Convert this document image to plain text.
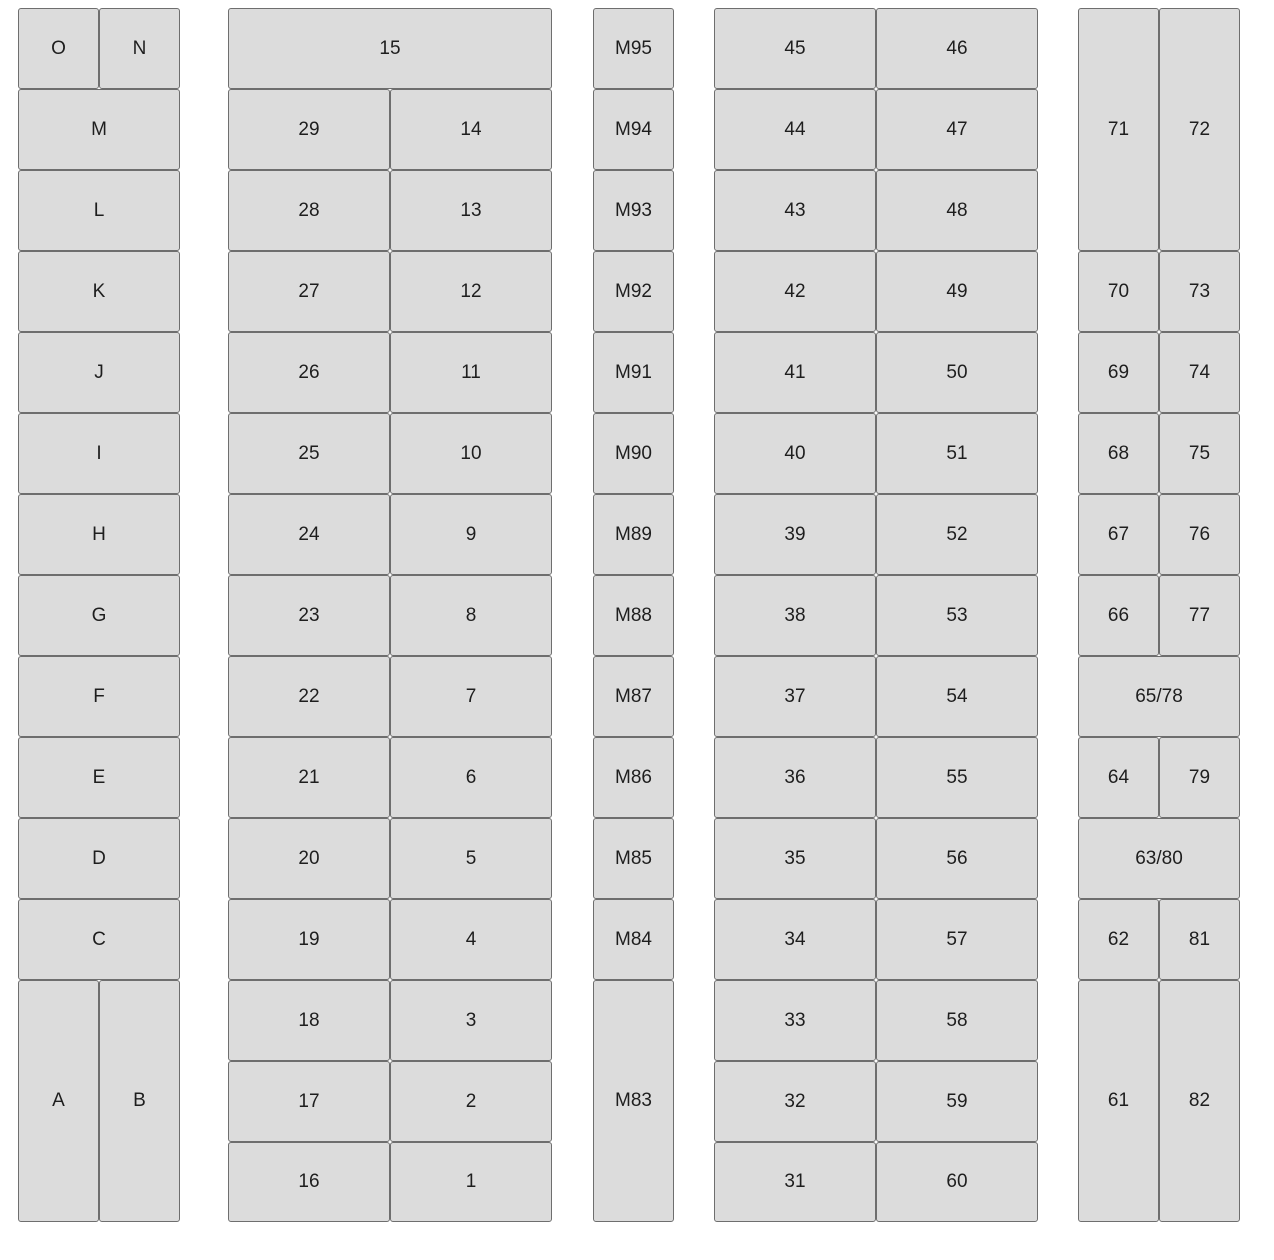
O	N
M
L
K
J
I
H
G
F
E
D
C
A	B
15
29	14
28	13
27	12
26	11
25	10
24	9
23	8
22	7
21	6
20	5
19	4
18	3
17	2
16	1
M95
M94
M93
M92
M91
M90
M89
M88
M87
M86
M85
M84
M83
45	46
44	47
43	48
42	49
41	50
40	51
39	52
38	53
37	54
36	55
35	56
34	57
33	58
32	59
31	60
71	72
70	73
69	74
68	75
67	76
66	77
65/78
64	79
63/80
62	81
61	82
